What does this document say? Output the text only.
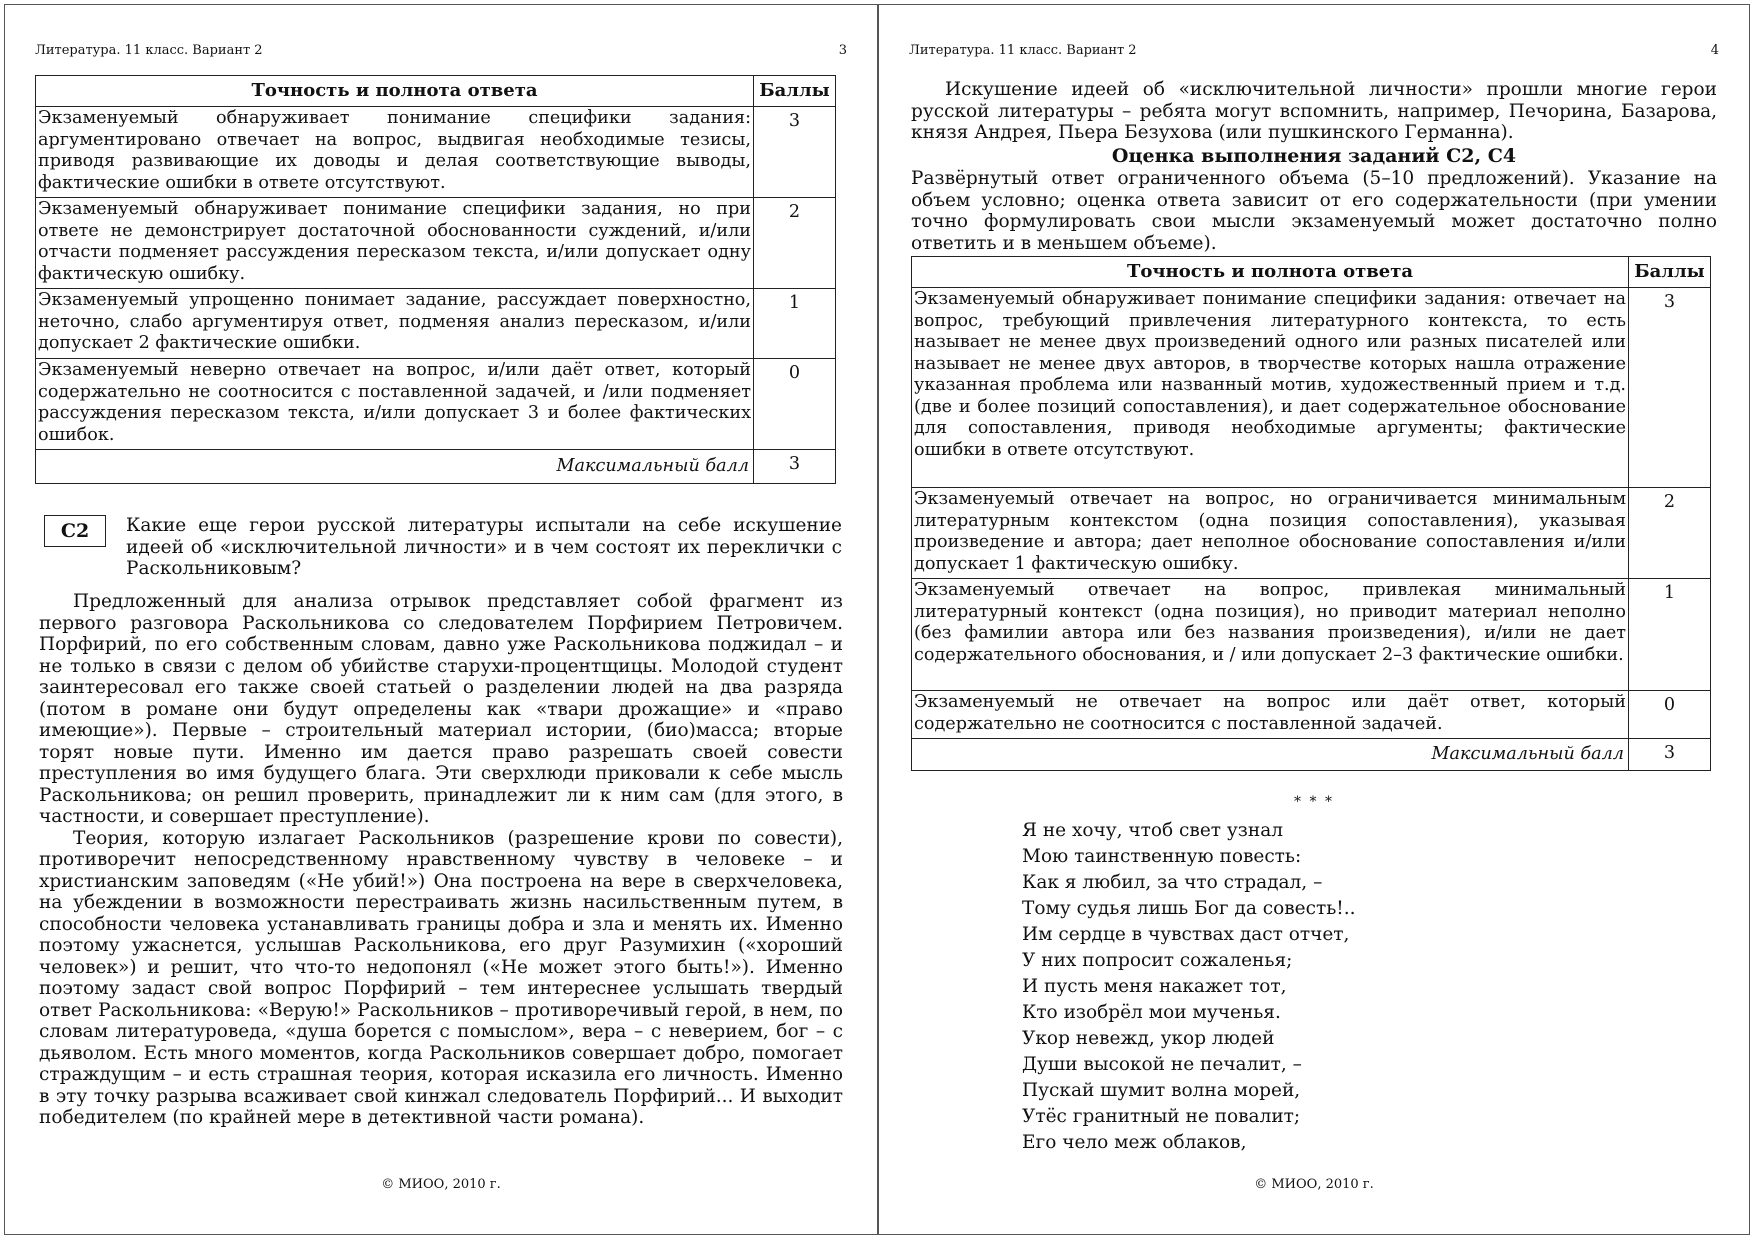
Литература. 11 класс. Вариант 2	3
Точность и полнота ответа	Баллы
Экзаменуемый обнаруживает понимание специфики задания: аргументировано отвечает на вопрос, выдвигая необходимые тезисы, приводя развивающие их доводы и делая соответствующие выводы, фактические ошибки в ответе отсутствуют.	3
Экзаменуемый обнаруживает понимание специфики задания, но при ответе не демонстрирует достаточной обоснованности суждений, и/или отчасти подменяет рассуждения пересказом текста, и/или допускает одну фактическую ошибку.	2
Экзаменуемый упрощенно понимает задание, рассуждает поверхностно, неточно, слабо аргументируя ответ, подменяя анализ пересказом, и/или допускает 2 фактические ошибки.	1
Экзаменуемый неверно отвечает на вопрос, и/или даёт ответ, который содержательно не соотносится с поставленной задачей, и /или подменяет рассуждения пересказом текста, и/или допускает 3 и более фактических ошибок.	0
Максимальный балл	3
С2	Какие еще герои русской литературы испытали на себе искушение идеей об «исключительной личности» и в чем состоят их переклички с Раскольниковым?

Предложенный для анализа отрывок представляет собой фрагмент из первого разговора Раскольникова со следователем Порфирием Петровичем. Порфирий, по его собственным словам, давно уже Раскольникова поджидал – и не только в связи с делом об убийстве старухи-процентщицы. Молодой студент заинтересовал его также своей статьей о разделении людей на два разряда (потом в романе они будут определены как «твари дрожащие» и «право имеющие»). Первые – строительный материал истории, (био)масса; вторые торят новые пути. Именно им дается право разрешать своей совести преступления во имя будущего блага. Эти сверхлюди приковали к себе мысль Раскольникова; он решил проверить, принадлежит ли к ним сам (для этого, в частности, и совершает преступление).

Теория, которую излагает Раскольников (разрешение крови по совести), противоречит непосредственному нравственному чувству в человеке – и христианским заповедям («Не убий!») Она построена на вере в сверхчеловека, на убеждении в возможности перестраивать жизнь насильственным путем, в способности человека устанавливать границы добра и зла и менять их. Именно поэтому ужаснется, услышав Раскольникова, его друг Разумихин («хороший человек») и решит, что что-то недопонял («Не может этого быть!»). Именно поэтому задаст свой вопрос Порфирий – тем интереснее услышать твердый ответ Раскольникова: «Верую!» Раскольников – противоречивый герой, в нем, по словам литературоведа, «душа борется с помыслом», вера – с неверием, бог – с дьяволом. Есть много моментов, когда Раскольников совершает добро, помогает страждущим – и есть страшная теория, которая исказила его личность. Именно в эту точку разрыва всаживает свой кинжал следователь Порфирий... И выходит победителем (по крайней мере в детективной части романа).

© МИОО, 2010 г.
Литература. 11 класс. Вариант 2	4

Искушение идеей об «исключительной личности» прошли многие герои русской литературы – ребята могут вспомнить, например, Печорина, Базарова, князя Андрея, Пьера Безухова (или пушкинского Германна).

Оценка выполнения заданий С2, С4

Развёрнутый ответ ограниченного объема (5–10 предложений). Указание на объем условно; оценка ответа зависит от его содержательности (при умении точно формулировать свои мысли экзаменуемый может достаточно полно ответить и в меньшем объеме).

Точность и полнота ответа	Баллы
Экзаменуемый обнаруживает понимание специфики задания: отвечает на вопрос, требующий привлечения литературного контекста, то есть называет не менее двух произведений одного или разных писателей или называет не менее двух авторов, в творчестве которых нашла отражение указанная проблема или названный мотив, художественный прием и т.д. (две и более позиций сопоставления), и дает содержательное обоснование для сопоставления, приводя необходимые аргументы; фактические ошибки в ответе отсутствуют.	3
Экзаменуемый отвечает на вопрос, но ограничивается минимальным литературным контекстом (одна позиция сопоставления), указывая произведение и автора; дает неполное обоснование сопоставления и/или допускает 1 фактическую ошибку.	2
Экзаменуемый отвечает на вопрос, привлекая минимальный литературный контекст (одна позиция), но приводит материал неполно (без фамилии автора или без названия произведения), и/или не дает содержательного обоснования, и / или допускает 2–3 фактические ошибки.	1
Экзаменуемый не отвечает на вопрос или даёт ответ, который содержательно не соотносится с поставленной задачей.	0
Максимальный балл	3
* * *
Я не хочу, чтоб свет узнал
Мою таинственную повесть:
Как я любил, за что страдал, –
Тому судья лишь Бог да совесть!..
Им сердце в чувствах даст отчет,
У них попросит сожаленья;
И пусть меня накажет тот,
Кто изобрёл мои мученья.
Укор невежд, укор людей
Души высокой не печалит, –
Пускай шумит волна морей,
Утёс гранитный не повалит;
Его чело меж облаков,
© МИОО, 2010 г.
